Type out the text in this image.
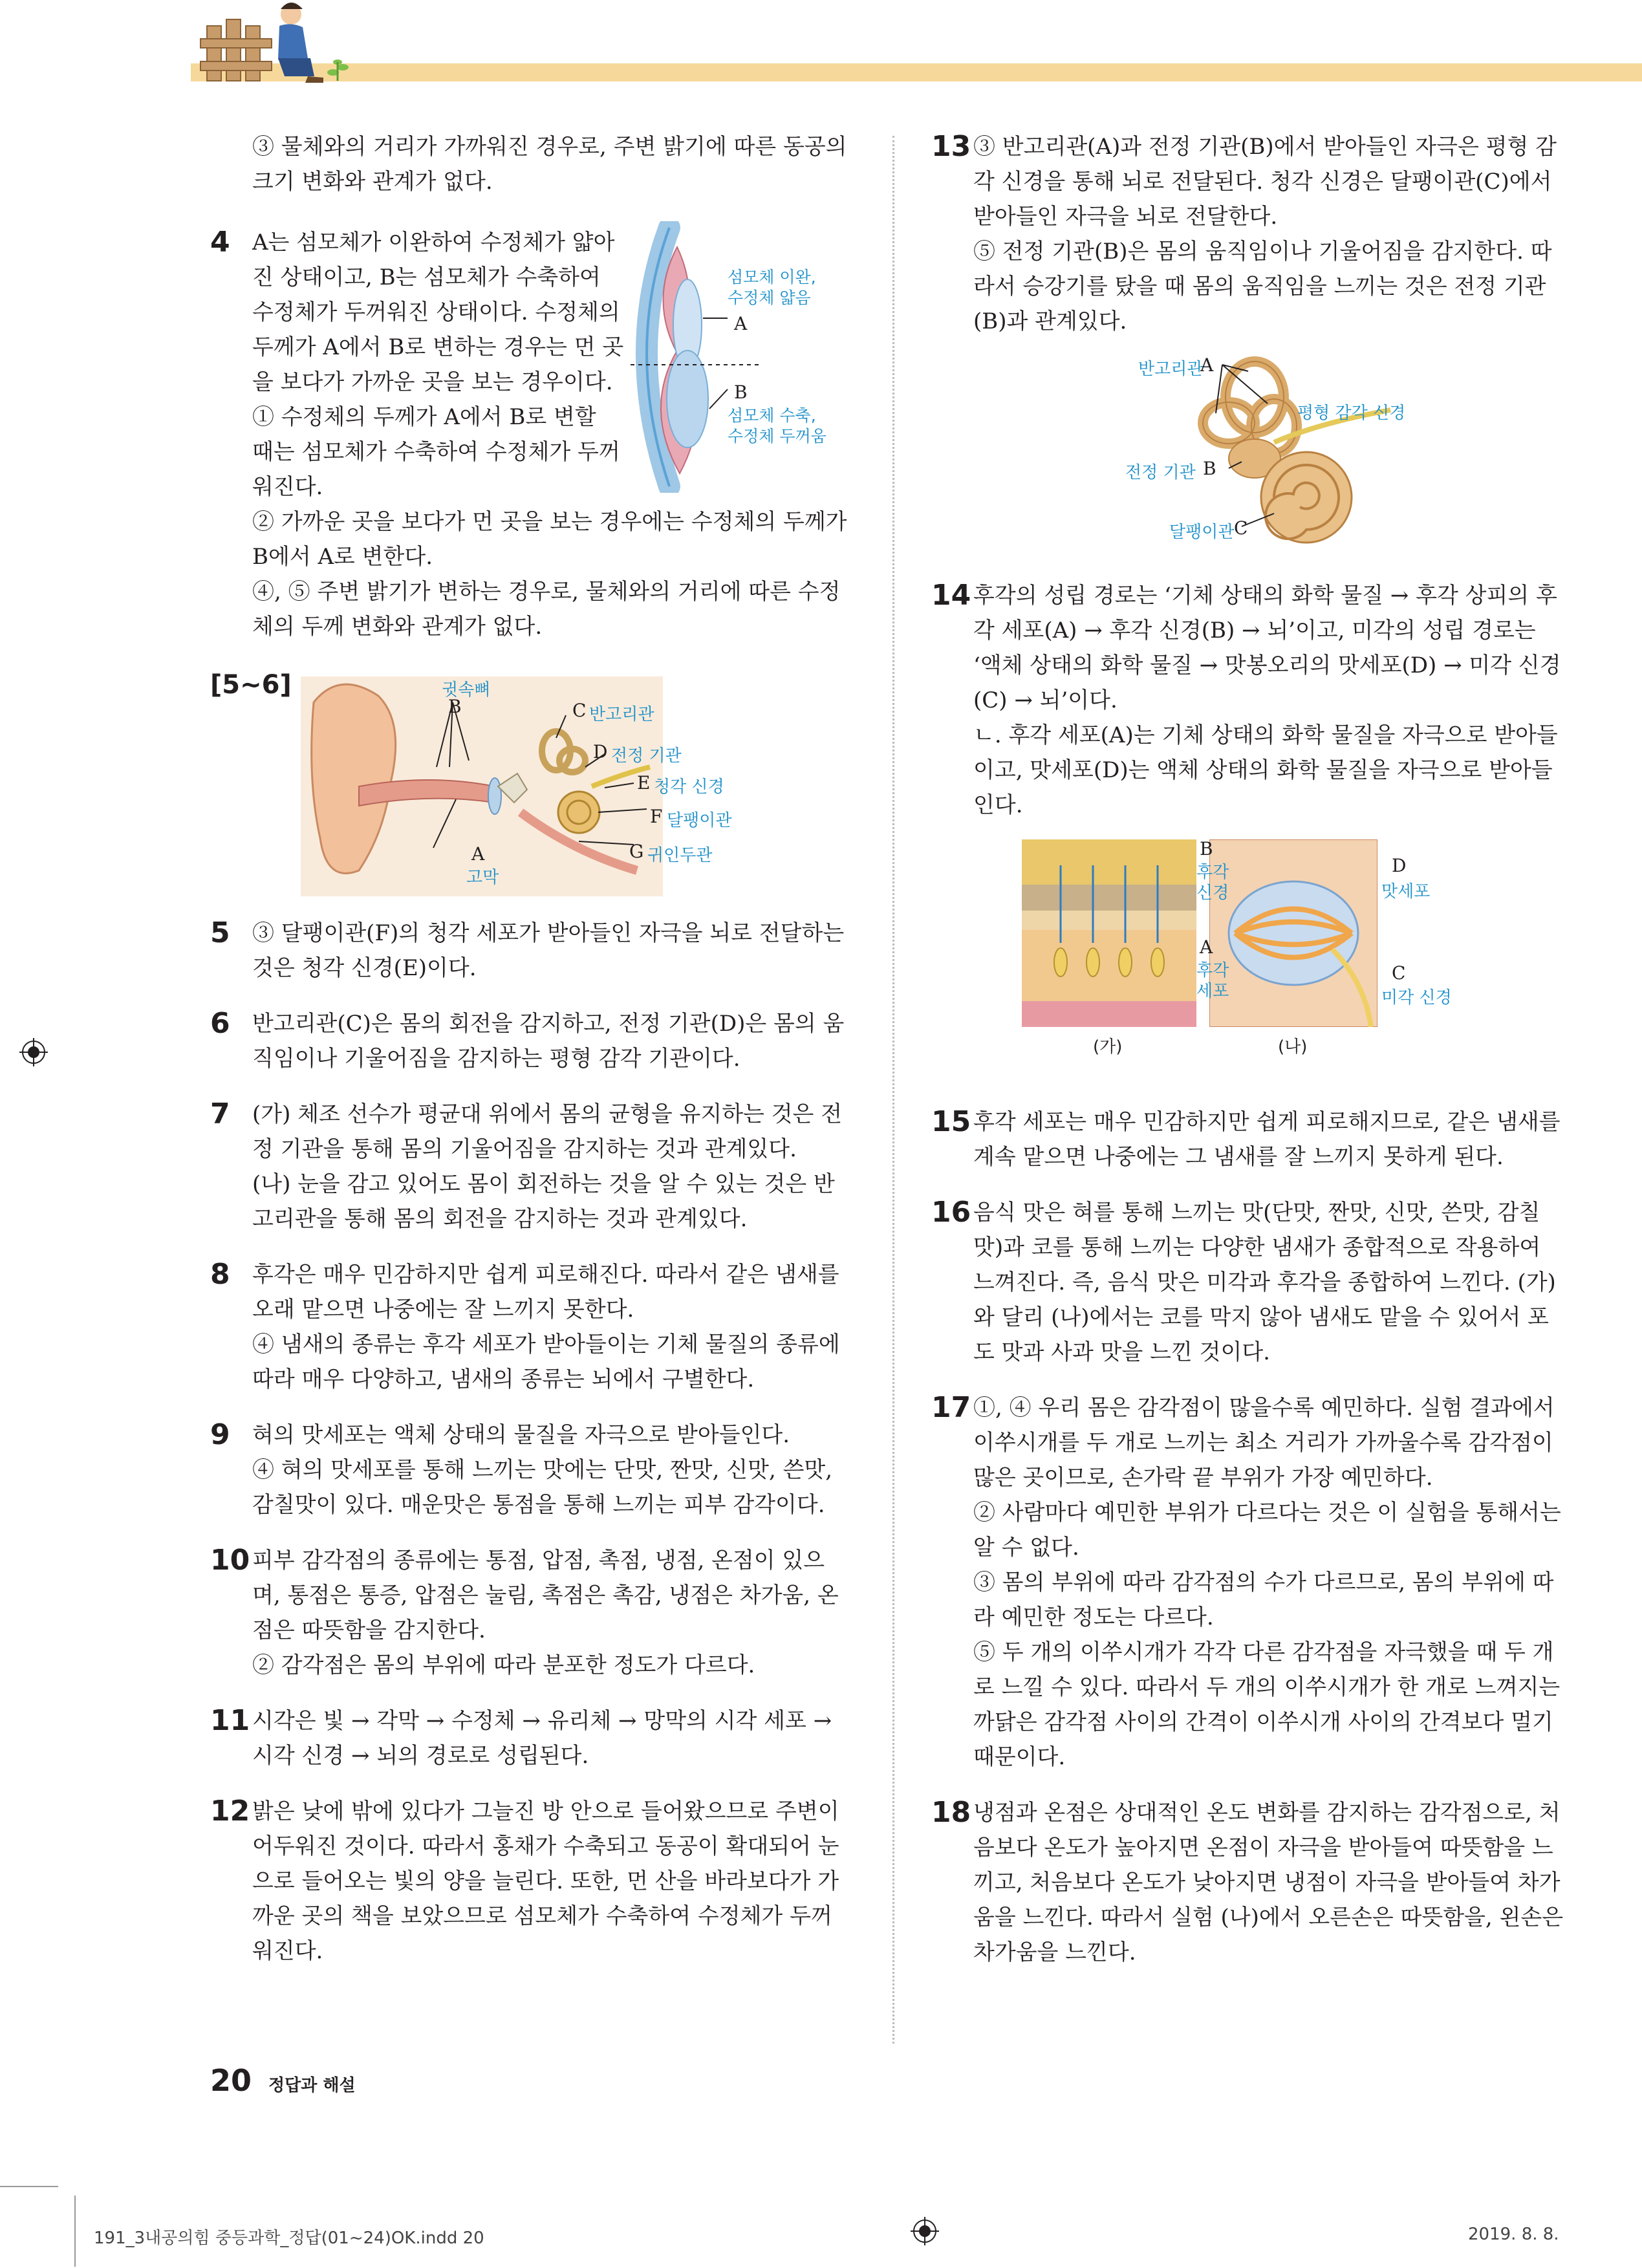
③ 물체와의 거리가 가까워진 경우로, 주변 밝기에 따른 동공의 크기 변화와 관계가 없다.

4
섬모체 이완,
수정체 얇음
A
B
섬모체 수축,
수정체 두꺼움

A는 섬모체가 이완하여 수정체가 얇아진 상태이고, B는 섬모체가 수축하여 수정체가 두꺼워진 상태이다. 수정체의 두께가 A에서 B로 변하는 경우는 먼 곳을 보다가 가까운 곳을 보는 경우이다.

① 수정체의 두께가 A에서 B로 변할 때는 섬모체가 수축하여 수정체가 두꺼워진다.

② 가까운 곳을 보다가 먼 곳을 보는 경우에는 수정체의 두께가 B에서 A로 변한다.

④, ⑤ 주변 밝기가 변하는 경우로, 물체와의 거리에 따른 수정체의 두께 변화와 관계가 없다.

[5~6]	귓속뼈
B	C 반고리관
D 전정 기관
E 청각 신경
F 달팽이관
G 귀인두관
A
고막
5 ③ 달팽이관(F)의 청각 세포가 받아들인 자극을 뇌로 전달하는 것은 청각 신경(E)이다.

6 반고리관(C)은 몸의 회전을 감지하고, 전정 기관(D)은 몸의 움직임이나 기울어짐을 감지하는 평형 감각 기관이다.

7 (가) 체조 선수가 평균대 위에서 몸의 균형을 유지하는 것은 전정 기관을 통해 몸의 기울어짐을 감지하는 것과 관계있다.

(나) 눈을 감고 있어도 몸이 회전하는 것을 알 수 있는 것은 반고리관을 통해 몸의 회전을 감지하는 것과 관계있다.

8 후각은 매우 민감하지만 쉽게 피로해진다. 따라서 같은 냄새를 오래 맡으면 나중에는 잘 느끼지 못한다.

④ 냄새의 종류는 후각 세포가 받아들이는 기체 물질의 종류에 따라 매우 다양하고, 냄새의 종류는 뇌에서 구별한다.

9 혀의 맛세포는 액체 상태의 물질을 자극으로 받아들인다.

④ 혀의 맛세포를 통해 느끼는 맛에는 단맛, 짠맛, 신맛, 쓴맛, 감칠맛이 있다. 매운맛은 통점을 통해 느끼는 피부 감각이다.

10 피부 감각점의 종류에는 통점, 압점, 촉점, 냉점, 온점이 있으며, 통점은 통증, 압점은 눌림, 촉점은 촉감, 냉점은 차가움, 온점은 따뜻함을 감지한다.

② 감각점은 몸의 부위에 따라 분포한 정도가 다르다.

11 시각은 빛 → 각막 → 수정체 → 유리체 → 망막의 시각 세포 → 시각 신경 → 뇌의 경로로 성립된다.

12 밝은 낮에 밖에 있다가 그늘진 방 안으로 들어왔으므로 주변이 어두워진 것이다. 따라서 홍채가 수축되고 동공이 확대되어 눈으로 들어오는 빛의 양을 늘린다. 또한, 먼 산을 바라보다가 가까운 곳의 책을 보았으므로 섬모체가 수축하여 수정체가 두꺼워진다.

13 ③ 반고리관(A)과 전정 기관(B)에서 받아들인 자극은 평형 감각 신경을 통해 뇌로 전달된다. 청각 신경은 달팽이관(C)에서 받아들인 자극을 뇌로 전달한다.

⑤ 전정 기관(B)은 몸의 움직임이나 기울어짐을 감지한다. 따라서 승강기를 탔을 때 몸의 움직임을 느끼는 것은 전정 기관(B)과 관계있다.

반고리관
A
평형 감각 신경
전정 기관 B
달팽이관 C
14 후각의 성립 경로는 ‘기체 상태의 화학 물질 → 후각 상피의 후각 세포(A) → 후각 신경(B) → 뇌’이고, 미각의 성립 경로는 ‘액체 상태의 화학 물질 → 맛봉오리의 맛세포(D) → 미각 신경(C) → 뇌’이다.

ㄴ. 후각 세포(A)는 기체 상태의 화학 물질을 자극으로 받아들이고, 맛세포(D)는 액체 상태의 화학 물질을 자극으로 받아들인다.

B
후각
신경
A
후각
세포
D
맛세포
C
미각 신경
(가)	(나)
15 후각 세포는 매우 민감하지만 쉽게 피로해지므로, 같은 냄새를 계속 맡으면 나중에는 그 냄새를 잘 느끼지 못하게 된다.

16 음식 맛은 혀를 통해 느끼는 맛(단맛, 짠맛, 신맛, 쓴맛, 감칠맛)과 코를 통해 느끼는 다양한 냄새가 종합적으로 작용하여 느껴진다. 즉, 음식 맛은 미각과 후각을 종합하여 느낀다. (가)와 달리 (나)에서는 코를 막지 않아 냄새도 맡을 수 있어서 포도 맛과 사과 맛을 느낀 것이다.

17 ①, ④ 우리 몸은 감각점이 많을수록 예민하다. 실험 결과에서 이쑤시개를 두 개로 느끼는 최소 거리가 가까울수록 감각점이 많은 곳이므로, 손가락 끝 부위가 가장 예민하다.

② 사람마다 예민한 부위가 다르다는 것은 이 실험을 통해서는 알 수 없다.

③ 몸의 부위에 따라 감각점의 수가 다르므로, 몸의 부위에 따라 예민한 정도는 다르다.

⑤ 두 개의 이쑤시개가 각각 다른 감각점을 자극했을 때 두 개로 느낄 수 있다. 따라서 두 개의 이쑤시개가 한 개로 느껴지는 까닭은 감각점 사이의 간격이 이쑤시개 사이의 간격보다 멀기 때문이다.

18 냉점과 온점은 상대적인 온도 변화를 감지하는 감각점으로, 처음보다 온도가 높아지면 온점이 자극을 받아들여 따뜻함을 느끼고, 처음보다 온도가 낮아지면 냉점이 자극을 받아들여 차가움을 느낀다. 따라서 실험 (나)에서 오른손은 따뜻함을, 왼손은 차가움을 느낀다.

20 정답과 해설
191_3내공의힘 중등과학_정답(01~24)OK.indd 20	2019. 8. 8.
